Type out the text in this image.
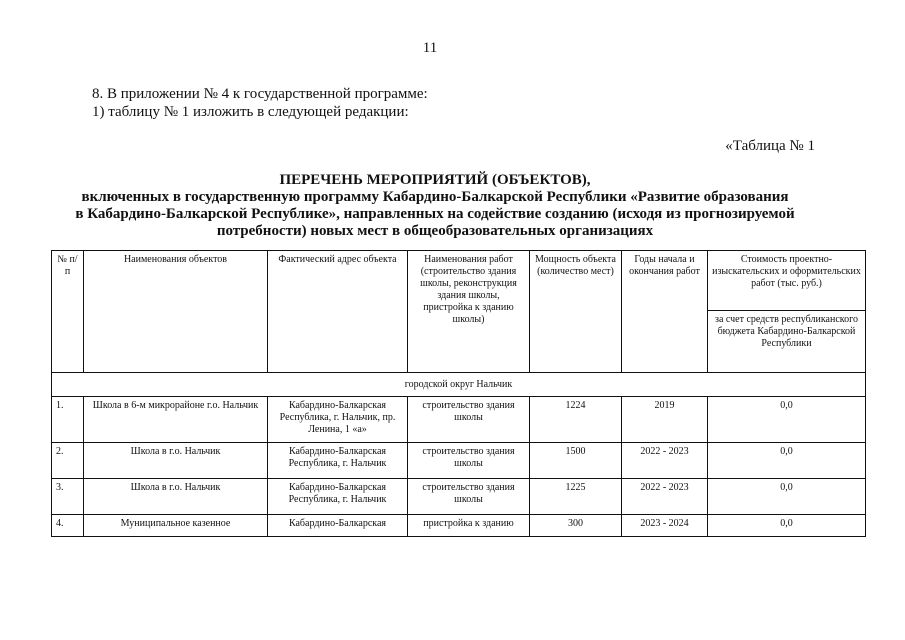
11
8. В приложении № 4 к государственной программе:
1) таблицу № 1 изложить в следующей редакции:
«Таблица № 1
ПЕРЕЧЕНЬ МЕРОПРИЯТИЙ (ОБЪЕКТОВ),
включенных в государственную программу Кабардино-Балкарской Республики «Развитие образования
в Кабардино-Балкарской Республике», направленных на содействие созданию (исходя из прогнозируемой
потребности) новых мест в общеобразовательных организациях
№ п/п	Наименования объектов	Фактический адрес объекта	Наименования работ (строительство здания школы, реконструкция здания школы, пристройка к зданию школы)	Мощность объекта (количество мест)	Годы начала и окончания работ	Стоимость проектно-изыскательских и оформительских работ (тыс. руб.)
						за счет средств республиканского бюджета Кабардино-Балкарской Республики
городской округ Нальчик						
1.	Школа в 6-м микрорайоне г.о. Нальчик	Кабардино-Балкарская Республика, г. Нальчик, пр. Ленина, 1 «а»	строительство здания школы	1224	2019	0,0
2.	Школа в г.о. Нальчик	Кабардино-Балкарская Республика, г. Нальчик	строительство здания школы	1500	2022 - 2023	0,0
3.	Школа в г.о. Нальчик	Кабардино-Балкарская Республика, г. Нальчик	строительство здания школы	1225	2022 - 2023	0,0
4.	Муниципальное казенное	Кабардино-Балкарская	пристройка к зданию	300	2023 - 2024	0,0
